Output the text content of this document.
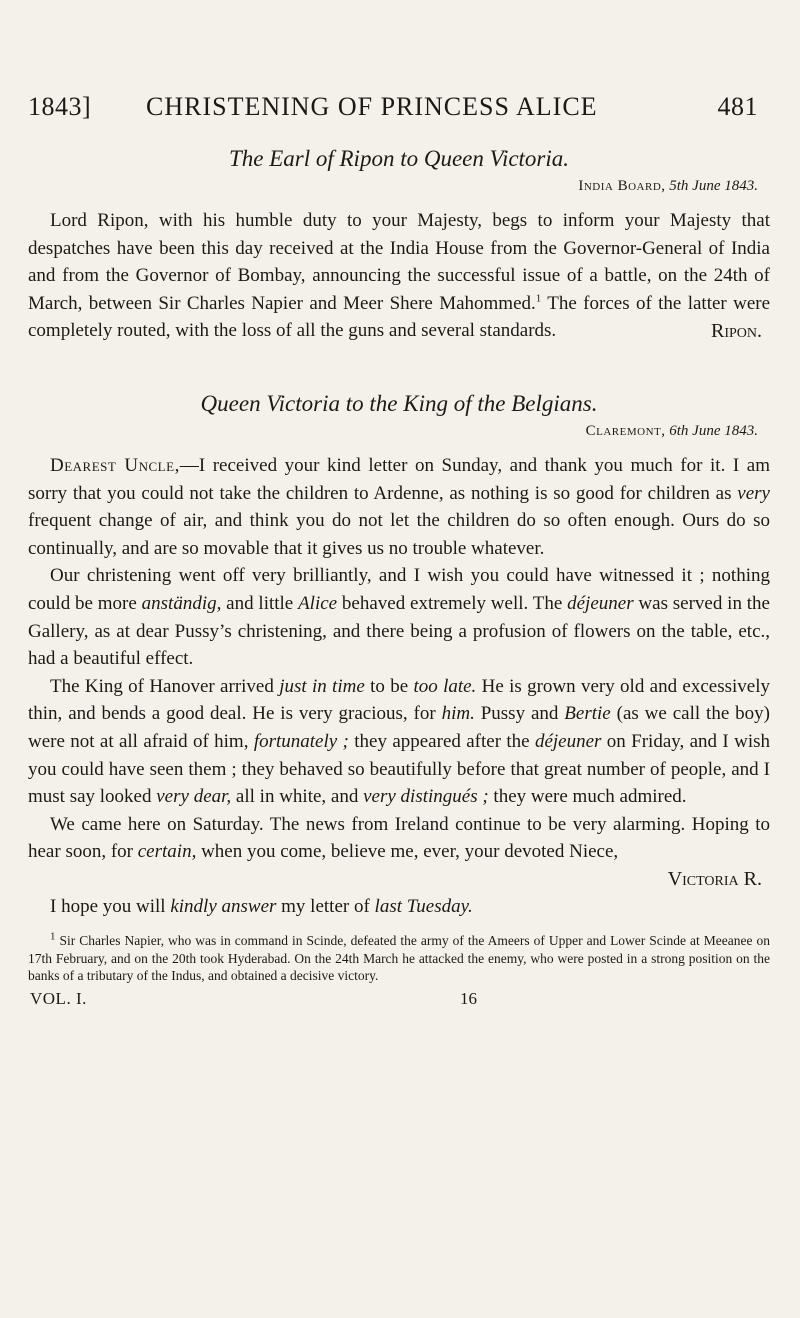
1843] CHRISTENING OF PRINCESS ALICE	481

The Earl of Ripon to Queen Victoria.

India Board, 5th June 1843.

Lord Ripon, with his humble duty to your Majesty, begs to inform your Majesty that despatches have been this day received at the India House from the Governor-General of India and from the Governor of Bombay, announcing the successful issue of a battle, on the 24th of March, between Sir Charles Napier and Meer Shere Mahommed.$^1$ The forces of the latter were completely routed, with the loss of all the guns and several standards.	Ripon.

Queen Victoria to the King of the Belgians.

Claremont, 6th June 1843.

Dearest Uncle,—I received your kind letter on Sunday, and thank you much for it. I am sorry that you could not take the children to Ardenne, as nothing is so good for children as very frequent change of air, and think you do not let the children do so often enough. Ours do so continually, and are so movable that it gives us no trouble whatever.

Our christening went off very brilliantly, and I wish you could have witnessed it ; nothing could be more anständig, and little Alice behaved extremely well. The déjeuner was served in the Gallery, as at dear Pussy’s christening, and there being a profusion of flowers on the table, etc., had a beautiful effect.

The King of Hanover arrived just in time to be too late. He is grown very old and excessively thin, and bends a good deal. He is very gracious, for him. Pussy and Bertie (as we call the boy) were not at all afraid of him, fortunately ; they appeared after the déjeuner on Friday, and I wish you could have seen them ; they behaved so beautifully before that great number of people, and I must say looked very dear, all in white, and very distingués ; they were much admired.

We came here on Saturday. The news from Ireland continue to be very alarming. Hoping to hear soon, for certain, when you come, believe me, ever, your devoted Niece,

Victoria R.

I hope you will kindly answer my letter of last Tuesday.

$^1$ Sir Charles Napier, who was in command in Scinde, defeated the army of the Ameers of Upper and Lower Scinde at Meeanee on 17th February, and on the 20th took Hyderabad. On the 24th March he attacked the enemy, who were posted in a strong position on the banks of a tributary of the Indus, and obtained a decisive victory.

VOL. I.	16
